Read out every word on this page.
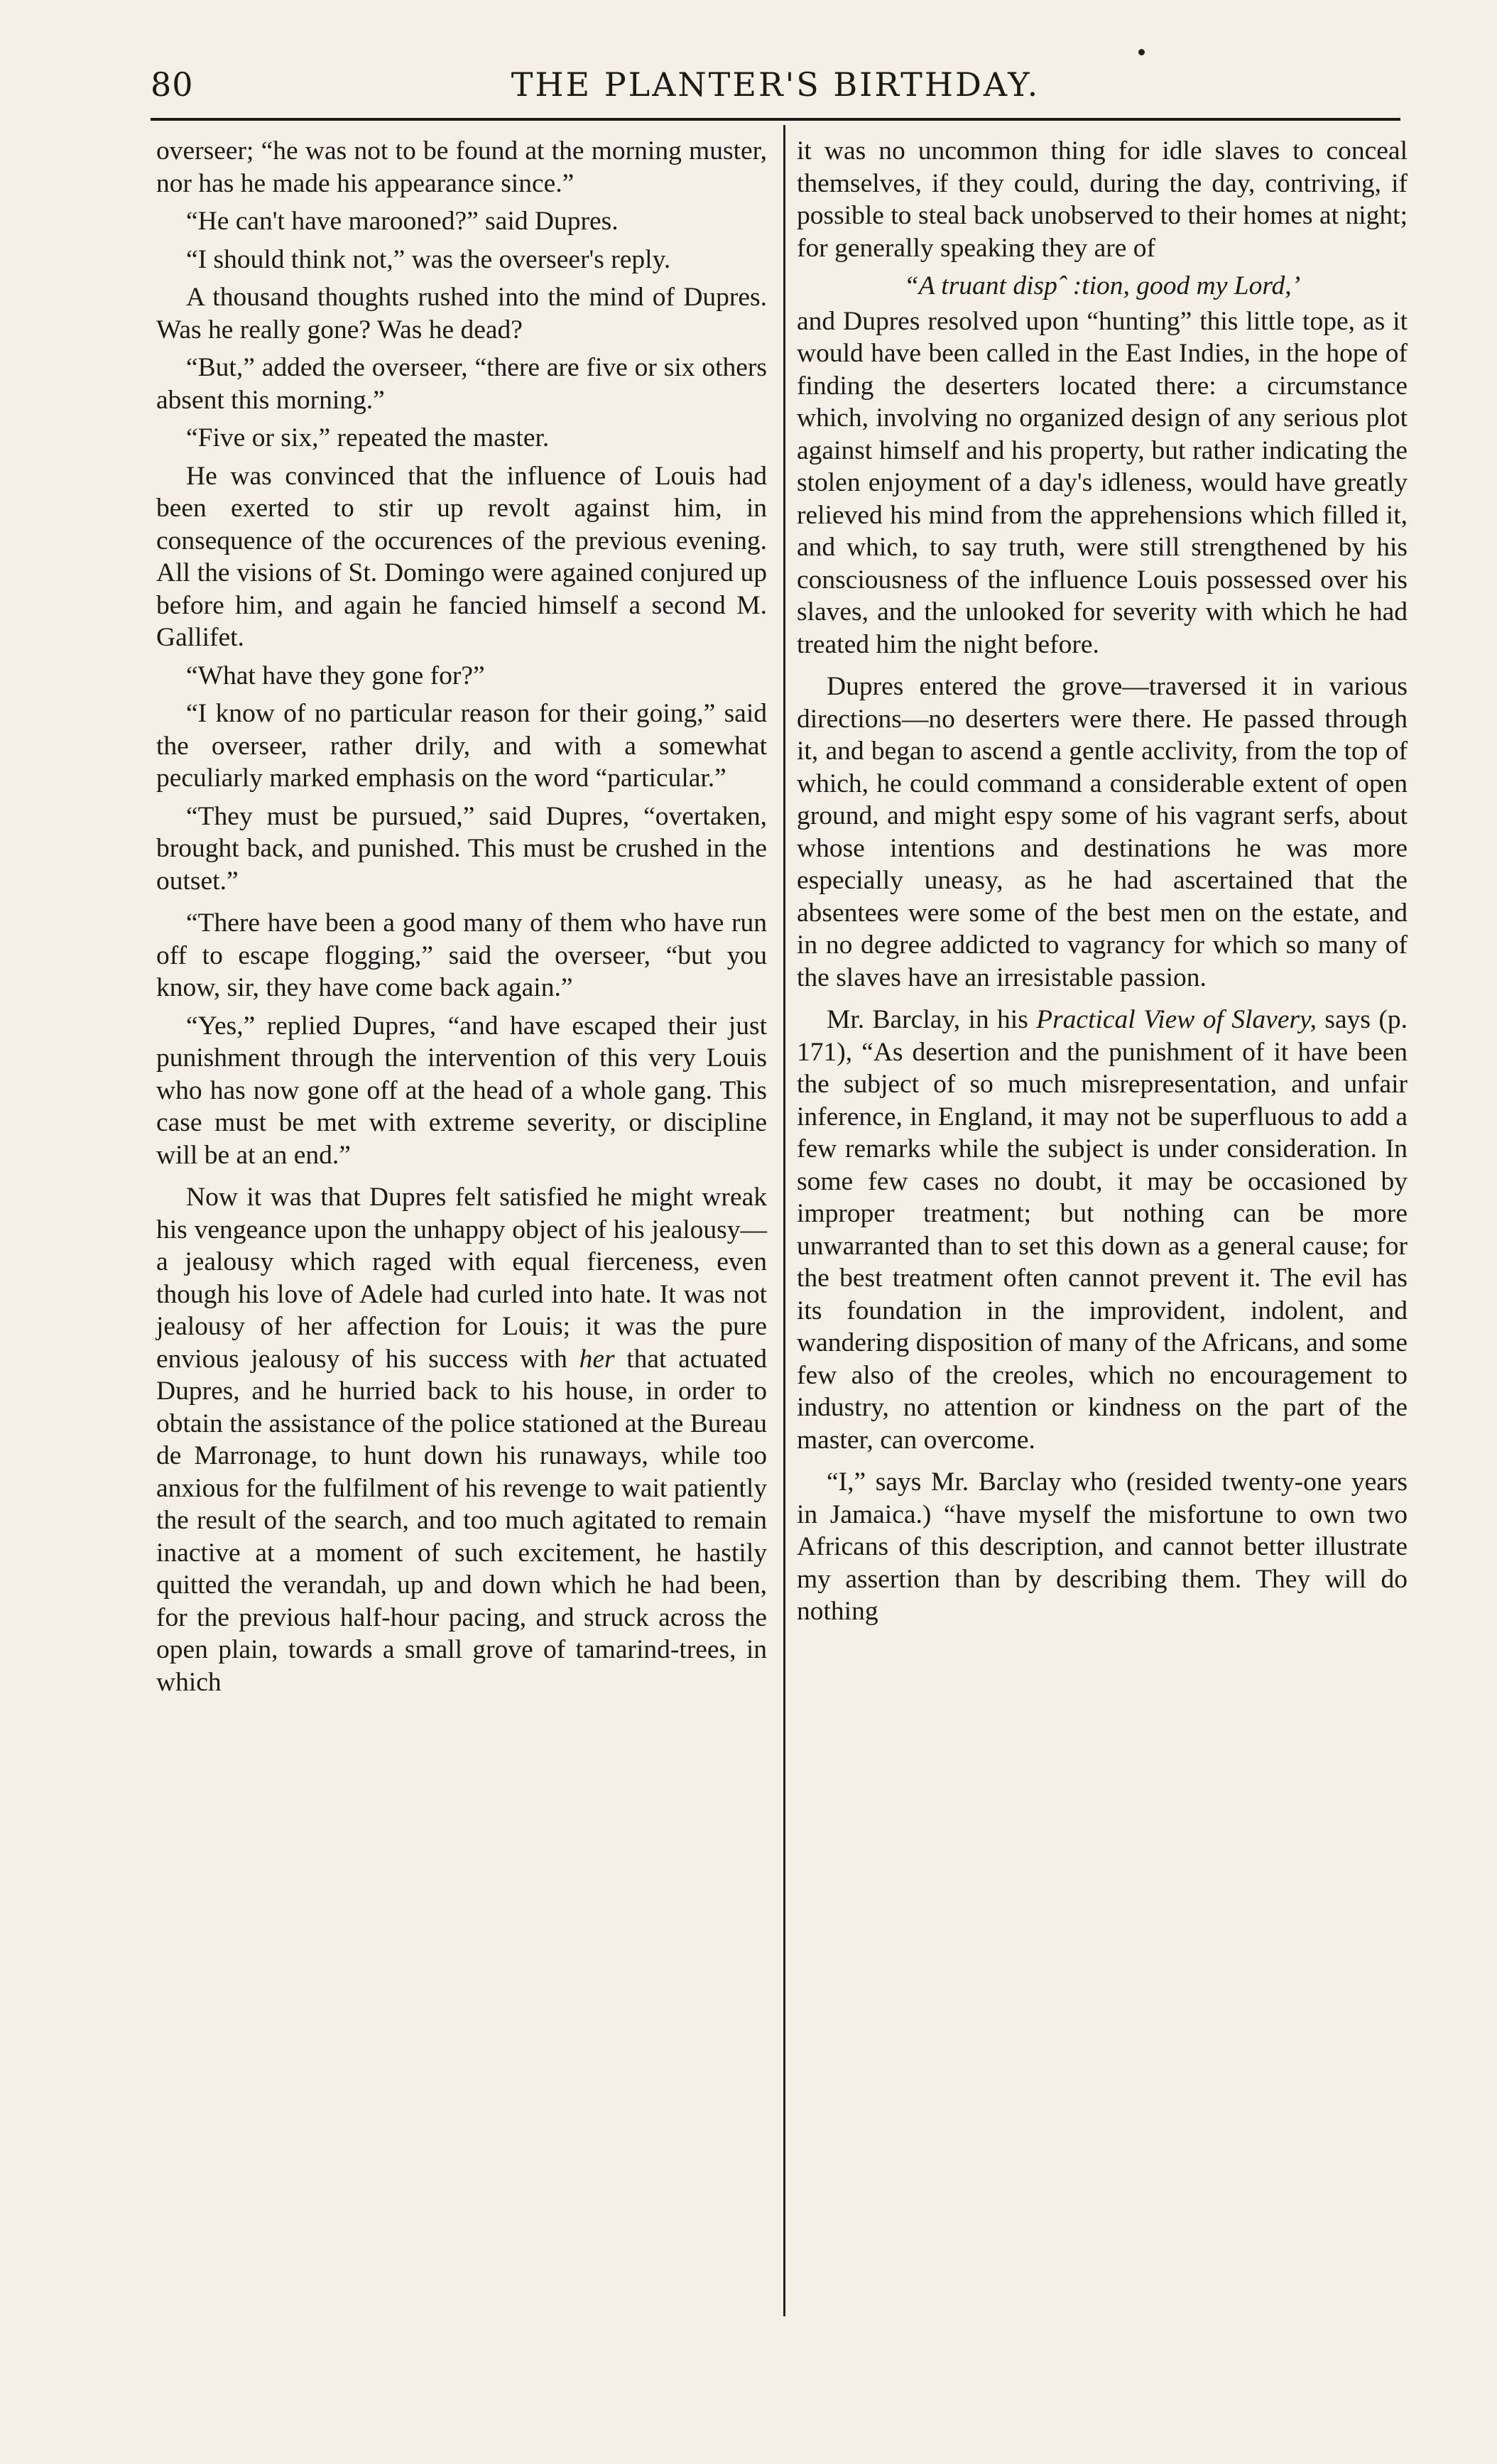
80	THE PLANTER'S BIRTHDAY.

overseer; “he was not to be found at the morning muster, nor has he made his appearance since.”

“He can't have marooned?” said Dupres.

“I should think not,” was the overseer's reply.

A thousand thoughts rushed into the mind of Dupres. Was he really gone? Was he dead?

“But,” added the overseer, “there are five or six others absent this morning.”

“Five or six,” repeated the master.

He was convinced that the influence of Louis had been exerted to stir up revolt against him, in consequence of the occurences of the previous evening. All the visions of St. Domingo were agained conjured up before him, and again he fancied himself a second M. Gallifet.

“What have they gone for?”

“I know of no particular reason for their going,” said the overseer, rather drily, and with a somewhat peculiarly marked emphasis on the word “particular.”

“They must be pursued,” said Dupres, “overtaken, brought back, and punished. This must be crushed in the outset.”

“There have been a good many of them who have run off to escape flogging,” said the overseer, “but you know, sir, they have come back again.”

“Yes,” replied Dupres, “and have escaped their just punishment through the intervention of this very Louis who has now gone off at the head of a whole gang. This case must be met with extreme severity, or discipline will be at an end.”

Now it was that Dupres felt satisfied he might wreak his vengeance upon the unhappy object of his jealousy—a jealousy which raged with equal fierceness, even though his love of Adele had curled into hate. It was not jealousy of her affection for Louis; it was the pure envious jealousy of his success with her that actuated Dupres, and he hurried back to his house, in order to obtain the assistance of the police stationed at the Bureau de Marronage, to hunt down his runaways, while too anxious for the fulfilment of his revenge to wait patiently the result of the search, and too much agitated to remain inactive at a moment of such excitement, he hastily quitted the verandah, up and down which he had been, for the previous half-hour pacing, and struck across the open plain, towards a small grove of tamarind-trees, in which

it was no uncommon thing for idle slaves to conceal themselves, if they could, during the day, contriving, if possible to steal back unobserved to their homes at night; for generally speaking they are of

“A truant dispˆ :tion, good my Lord,’

and Dupres resolved upon “hunting” this little tope, as it would have been called in the East Indies, in the hope of finding the deserters located there: a circumstance which, involving no organized design of any serious plot against himself and his property, but rather indicating the stolen enjoyment of a day's idleness, would have greatly relieved his mind from the apprehensions which filled it, and which, to say truth, were still strengthened by his consciousness of the influence Louis possessed over his slaves, and the unlooked for severity with which he had treated him the night before.

Dupres entered the grove—traversed it in various directions—no deserters were there. He passed through it, and began to ascend a gentle acclivity, from the top of which, he could command a considerable extent of open ground, and might espy some of his vagrant serfs, about whose intentions and destinations he was more especially uneasy, as he had ascertained that the absentees were some of the best men on the estate, and in no degree addicted to vagrancy for which so many of the slaves have an irresistable passion.

Mr. Barclay, in his Practical View of Slavery, says (p. 171), “As desertion and the punishment of it have been the subject of so much misrepresentation, and unfair inference, in England, it may not be superfluous to add a few remarks while the subject is under consideration. In some few cases no doubt, it may be occasioned by improper treatment; but nothing can be more unwarranted than to set this down as a general cause; for the best treatment often cannot prevent it. The evil has its foundation in the improvident, indolent, and wandering disposition of many of the Africans, and some few also of the creoles, which no encouragement to industry, no attention or kindness on the part of the master, can overcome.

“I,” says Mr. Barclay who (resided twenty-one years in Jamaica.) “have myself the misfortune to own two Africans of this description, and cannot better illustrate my assertion than by describing them. They will do nothing
